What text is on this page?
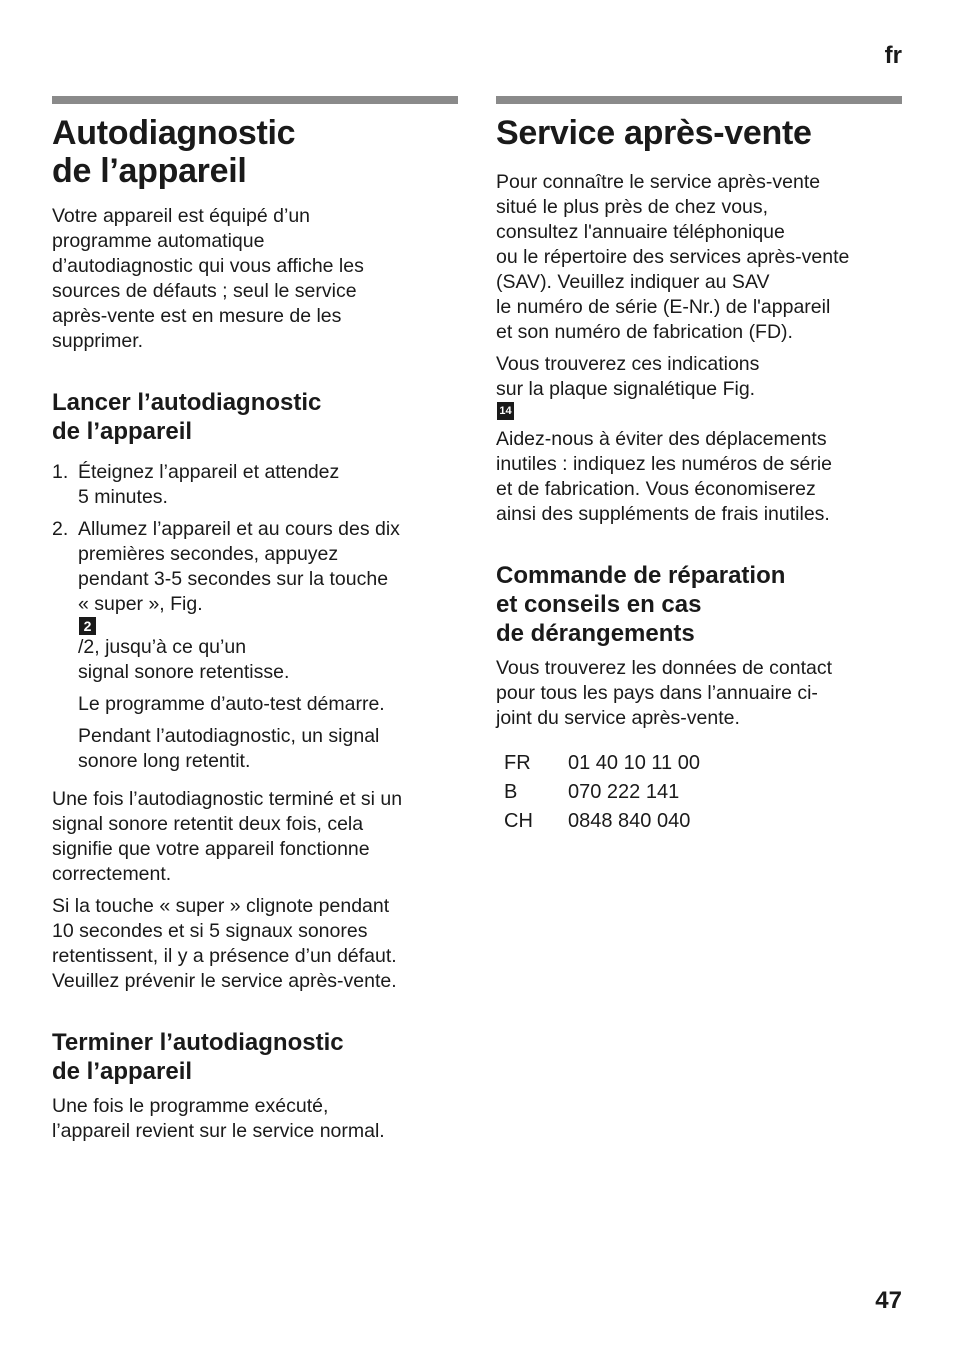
fr
Autodiagnostic
de l’appareil

Votre appareil est équipé d’un
programme automatique
d’autodiagnostic qui vous affiche les
sources de défauts ; seul le service
après-vente est en mesure de les
supprimer.

Lancer l’autodiagnostic
de l’appareil
1. Éteignez l’appareil et attendez
5 minutes.
2. Allumez l’appareil et au cours des dix
premières secondes, appuyez
pendant 3-5 secondes sur la touche
« super », Fig.
2
/2, jusqu’à ce qu’un
signal sonore retentisse.

Le programme d’auto-test démarre.

Pendant l’autodiagnostic, un signal
sonore long retentit.

Une fois l’autodiagnostic terminé et si un
signal sonore retentit deux fois, cela
signifie que votre appareil fonctionne
correctement.

Si la touche « super » clignote pendant
10 secondes et si 5 signaux sonores
retentissent, il y a présence d’un défaut.
Veuillez prévenir le service après-vente.

Terminer l’autodiagnostic
de l’appareil

Une fois le programme exécuté,
l’appareil revient sur le service normal.

Service après-vente

Pour connaître le service après-vente
situé le plus près de chez vous,
consultez l'annuaire téléphonique
ou le répertoire des services après-vente
(SAV). Veuillez indiquer au SAV
le numéro de série (E-Nr.) de l'appareil
et son numéro de fabrication (FD).

Vous trouverez ces indications
sur la plaque signalétique Fig.
14

Aidez-nous à éviter des déplacements
inutiles : indiquez les numéros de série
et de fabrication. Vous économiserez
ainsi des suppléments de frais inutiles.

Commande de réparation
et conseils en cas
de dérangements

Vous trouverez les données de contact
pour tous les pays dans l’annuaire ci-
joint du service après-vente.

FR	01 40 10 11 00
B	070 222 141
CH	0848 840 040
47
